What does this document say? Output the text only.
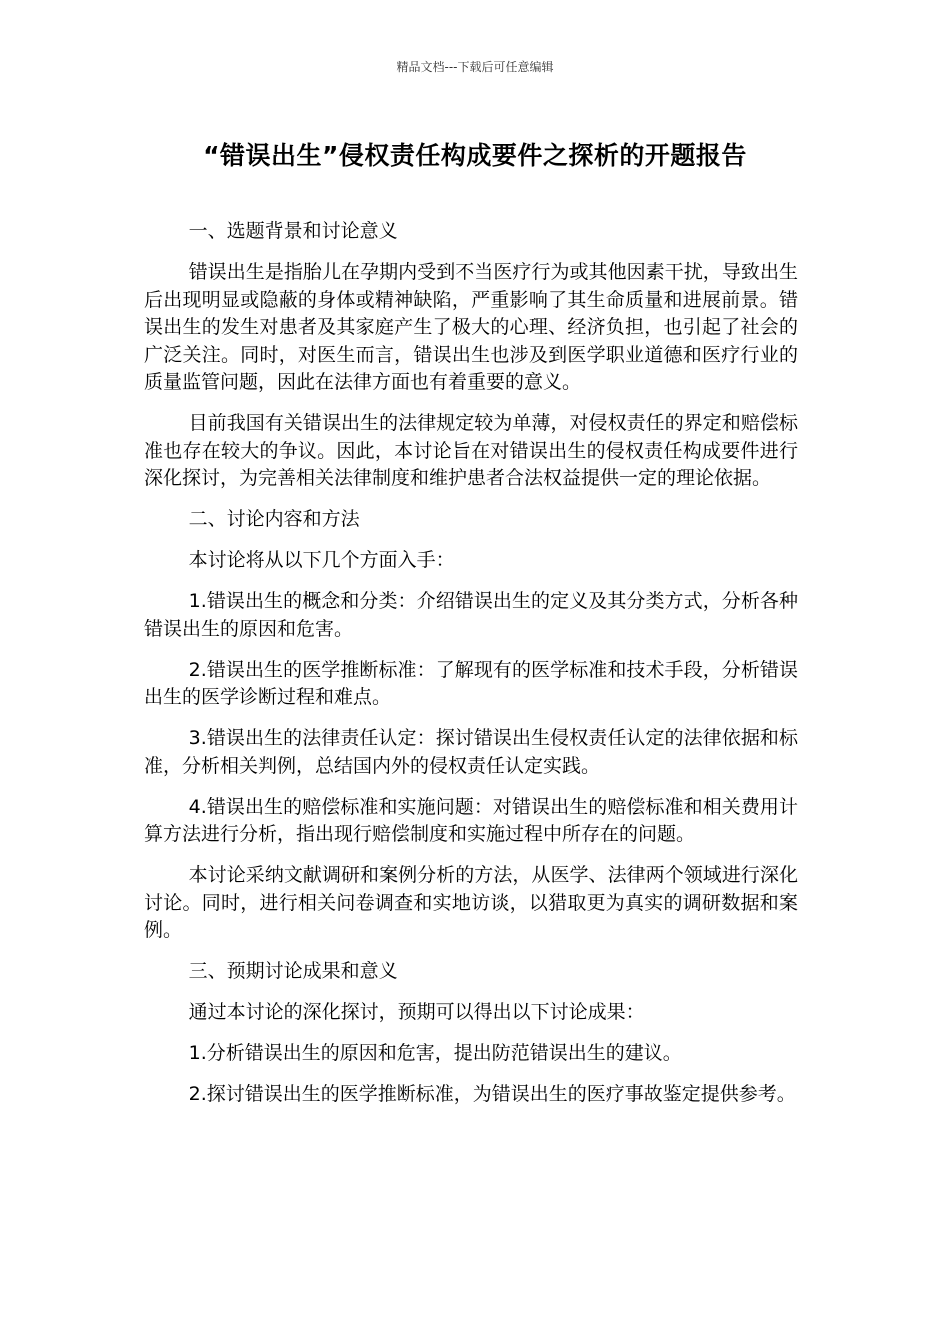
精品文档---下载后可任意编辑
“错误出生”侵权责任构成要件之探析的开题报告

一、选题背景和讨论意义

错误出生是指胎儿在孕期内受到不当医疗行为或其他因素干扰，导致出生后出现明显或隐蔽的身体或精神缺陷，严重影响了其生命质量和进展前景。错误出生的发生对患者及其家庭产生了极大的心理、经济负担，也引起了社会的广泛关注。同时，对医生而言，错误出生也涉及到医学职业道德和医疗行业的质量监管问题，因此在法律方面也有着重要的意义。

目前我国有关错误出生的法律规定较为单薄，对侵权责任的界定和赔偿标准也存在较大的争议。因此，本讨论旨在对错误出生的侵权责任构成要件进行深化探讨，为完善相关法律制度和维护患者合法权益提供一定的理论依据。

二、讨论内容和方法

本讨论将从以下几个方面入手：

1.错误出生的概念和分类：介绍错误出生的定义及其分类方式，分析各种错误出生的原因和危害。

2.错误出生的医学推断标准：了解现有的医学标准和技术手段，分析错误出生的医学诊断过程和难点。

3.错误出生的法律责任认定：探讨错误出生侵权责任认定的法律依据和标准，分析相关判例，总结国内外的侵权责任认定实践。

4.错误出生的赔偿标准和实施问题：对错误出生的赔偿标准和相关费用计算方法进行分析，指出现行赔偿制度和实施过程中所存在的问题。

本讨论采纳文献调研和案例分析的方法，从医学、法律两个领域进行深化讨论。同时，进行相关问卷调查和实地访谈，以猎取更为真实的调研数据和案例。

三、预期讨论成果和意义

通过本讨论的深化探讨，预期可以得出以下讨论成果：

1.分析错误出生的原因和危害，提出防范错误出生的建议。

2.探讨错误出生的医学推断标准，为错误出生的医疗事故鉴定提供参考。
